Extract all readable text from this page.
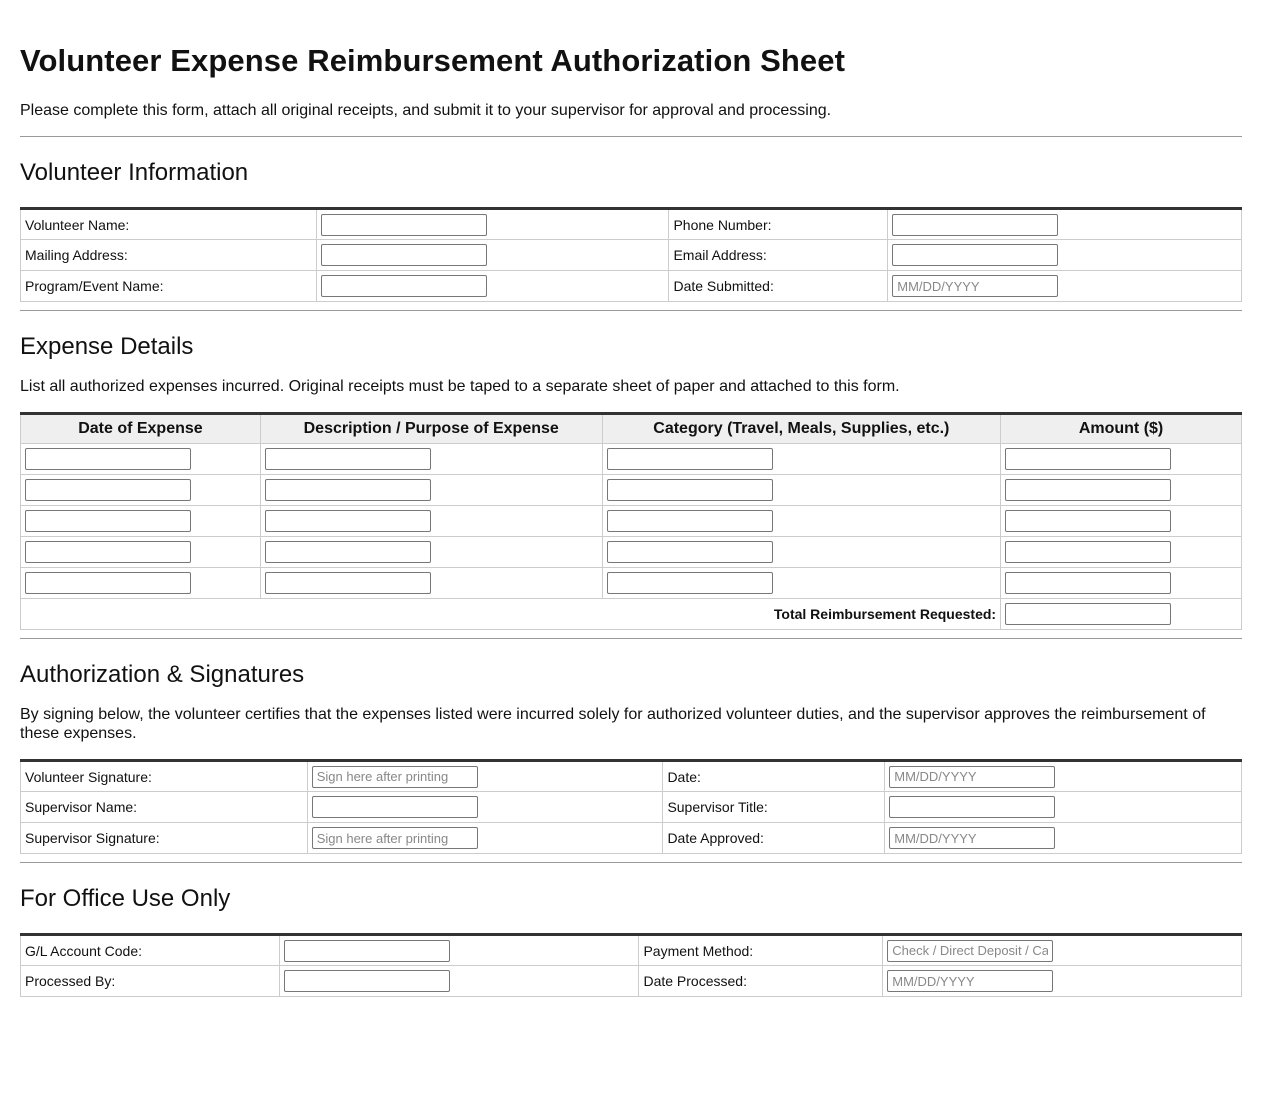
Volunteer Expense Reimbursement Authorization Sheet

Please complete this form, attach all original receipts, and submit it to your supervisor for approval and processing.

Volunteer Information
Volunteer Name:		Phone Number:	
Mailing Address:		Email Address:	
Program/Event Name:		Date Submitted:	MM/DD/YYYY
Expense Details

List all authorized expenses incurred. Original receipts must be taped to a separate sheet of paper and attached to this form.

Date of Expense	Description / Purpose of Expense	Category (Travel, Meals, Supplies, etc.)	Amount ($)

Total Reimbursement Requested:	
Authorization & Signatures

By signing below, the volunteer certifies that the expenses listed were incurred solely for authorized volunteer duties, and the supervisor approves the reimbursement of these expenses.

Volunteer Signature:	Sign here after printing	Date:	MM/DD/YYYY
Supervisor Name:		Supervisor Title:	
Supervisor Signature:	Sign here after printing	Date Approved:	MM/DD/YYYY
For Office Use Only
G/L Account Code:		Payment Method:	Check / Direct Deposit / Cash
Processed By:		Date Processed:	MM/DD/YYYY
